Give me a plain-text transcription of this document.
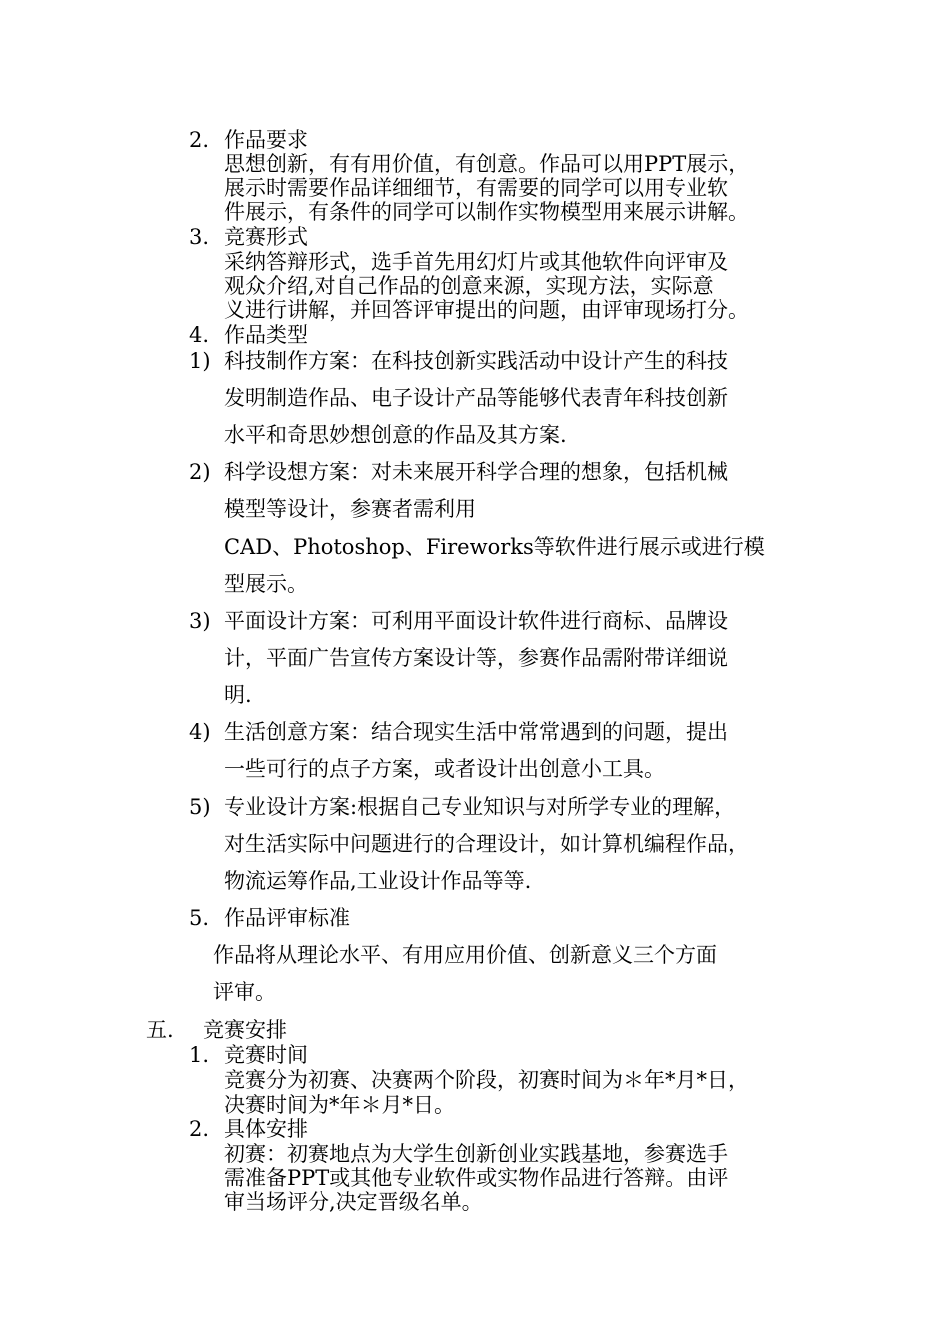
2. 作品要求
思想创新，有有用价值，有创意。作品可以用PPT展示，
展示时需要作品详细细节，有需要的同学可以用专业软
件展示，有条件的同学可以制作实物模型用来展示讲解。
3. 竞赛形式
采纳答辩形式，选手首先用幻灯片或其他软件向评审及
观众介绍,对自己作品的创意来源，实现方法，实际意
义进行讲解，并回答评审提出的问题，由评审现场打分。
4. 作品类型
1) 科技制作方案：在科技创新实践活动中设计产生的科技
发明制造作品、电子设计产品等能够代表青年科技创新
水平和奇思妙想创意的作品及其方案.
2) 科学设想方案：对未来展开科学合理的想象，包括机械
模型等设计，参赛者需利用
CAD、Photoshop、Fireworks等软件进行展示或进行模
型展示。
3) 平面设计方案：可利用平面设计软件进行商标、品牌设
计，平面广告宣传方案设计等，参赛作品需附带详细说
明.
4) 生活创意方案：结合现实生活中常常遇到的问题，提出
一些可行的点子方案，或者设计出创意小工具。
5) 专业设计方案:根据自己专业知识与对所学专业的理解，
对生活实际中问题进行的合理设计，如计算机编程作品，
物流运筹作品,工业设计作品等等.
5. 作品评审标准
作品将从理论水平、有用应用价值、创新意义三个方面
评审。
五. 竞赛安排
1. 竞赛时间
竞赛分为初赛、决赛两个阶段，初赛时间为＊年*月*日，
决赛时间为*年＊月*日。
2. 具体安排
初赛：初赛地点为大学生创新创业实践基地，参赛选手
需准备PPT或其他专业软件或实物作品进行答辩。由评
审当场评分,决定晋级名单。
